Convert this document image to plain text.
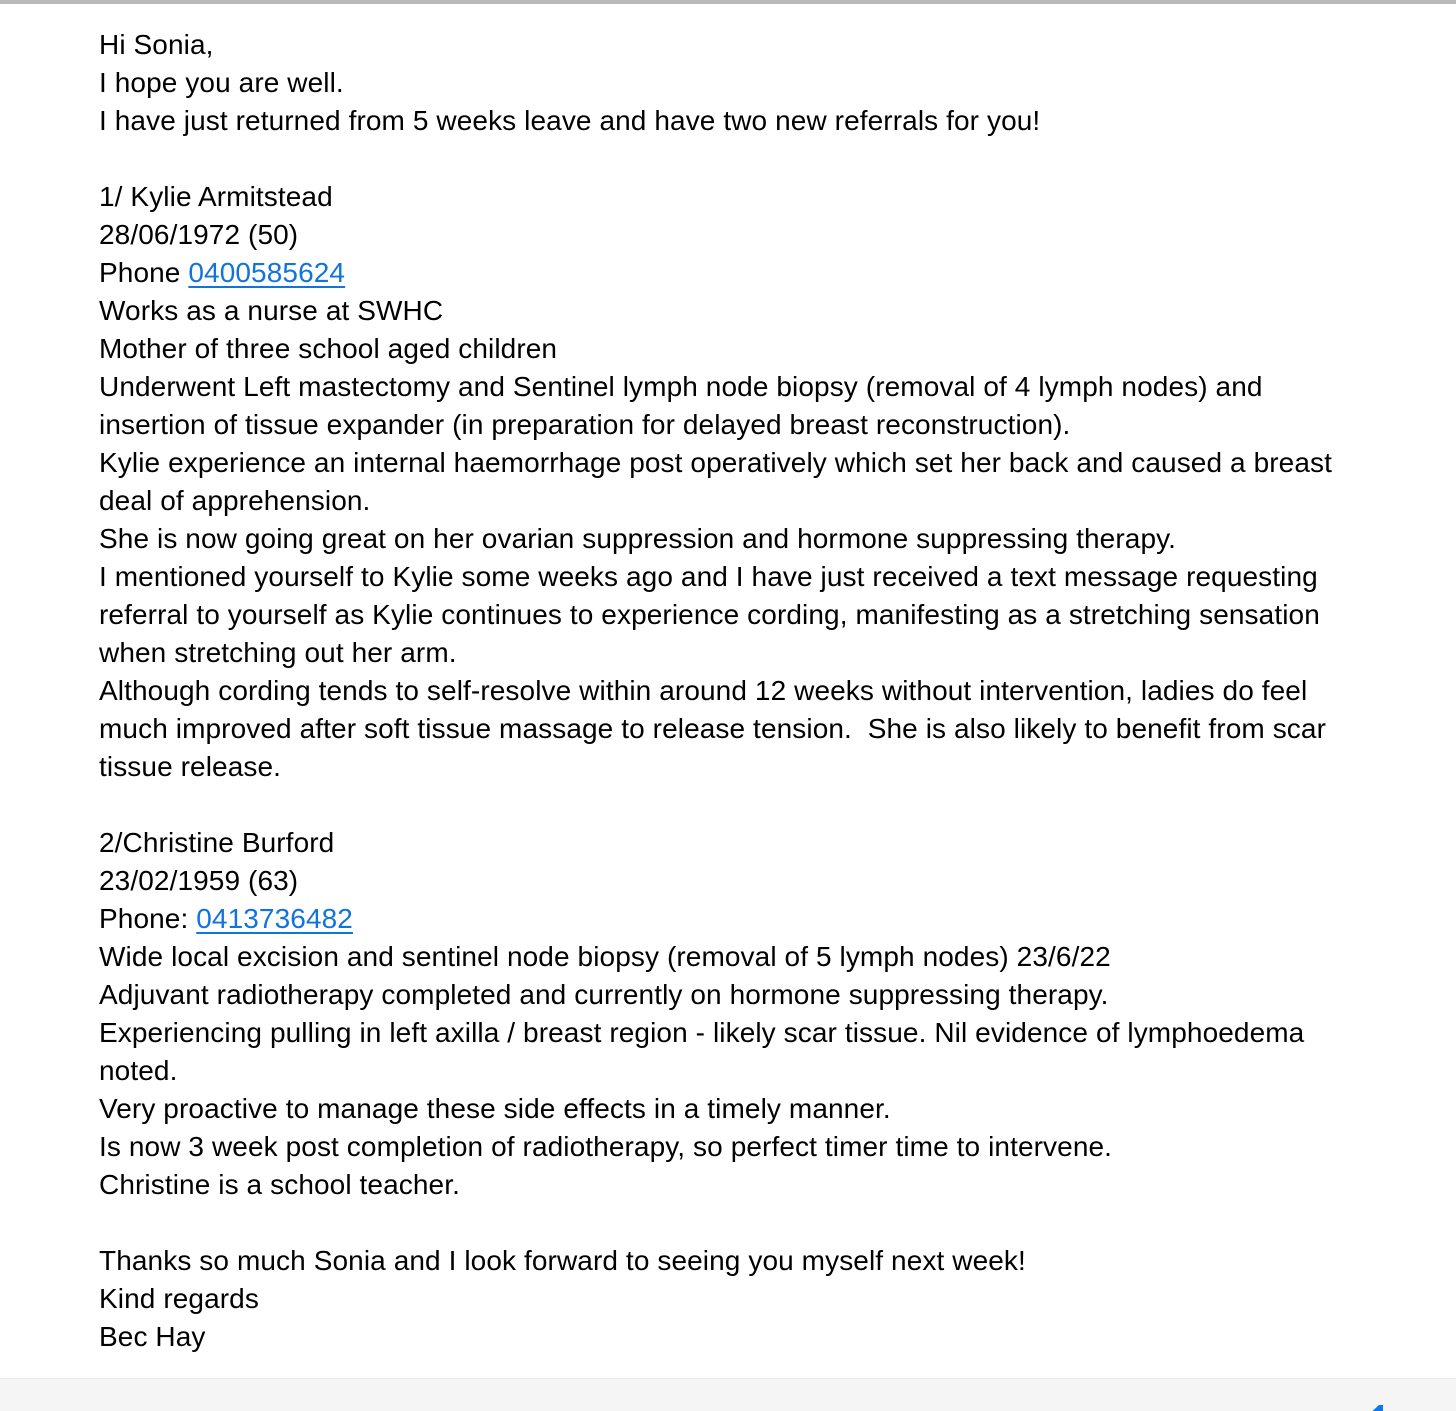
Hi Sonia,
I hope you are well.
I have just returned from 5 weeks leave and have two new referrals for you!

1/ Kylie Armitstead
28/06/1972 (50)
Phone 0400585624
Works as a nurse at SWHC
Mother of three school aged children
Underwent Left mastectomy and Sentinel lymph node biopsy (removal of 4 lymph nodes) and
insertion of tissue expander (in preparation for delayed breast reconstruction).
Kylie experience an internal haemorrhage post operatively which set her back and caused a breast
deal of apprehension.
She is now going great on her ovarian suppression and hormone suppressing therapy.
I mentioned yourself to Kylie some weeks ago and I have just received a text message requesting
referral to yourself as Kylie continues to experience cording, manifesting as a stretching sensation
when stretching out her arm.
Although cording tends to self-resolve within around 12 weeks without intervention, ladies do feel
much improved after soft tissue massage to release tension.  She is also likely to benefit from scar
tissue release.

2/Christine Burford
23/02/1959 (63)
Phone: 0413736482
Wide local excision and sentinel node biopsy (removal of 5 lymph nodes) 23/6/22
Adjuvant radiotherapy completed and currently on hormone suppressing therapy.
Experiencing pulling in left axilla / breast region - likely scar tissue. Nil evidence of lymphoedema
noted.
Very proactive to manage these side effects in a timely manner.
Is now 3 week post completion of radiotherapy, so perfect timer time to intervene.
Christine is a school teacher.

Thanks so much Sonia and I look forward to seeing you myself next week!
Kind regards
Bec Hay
